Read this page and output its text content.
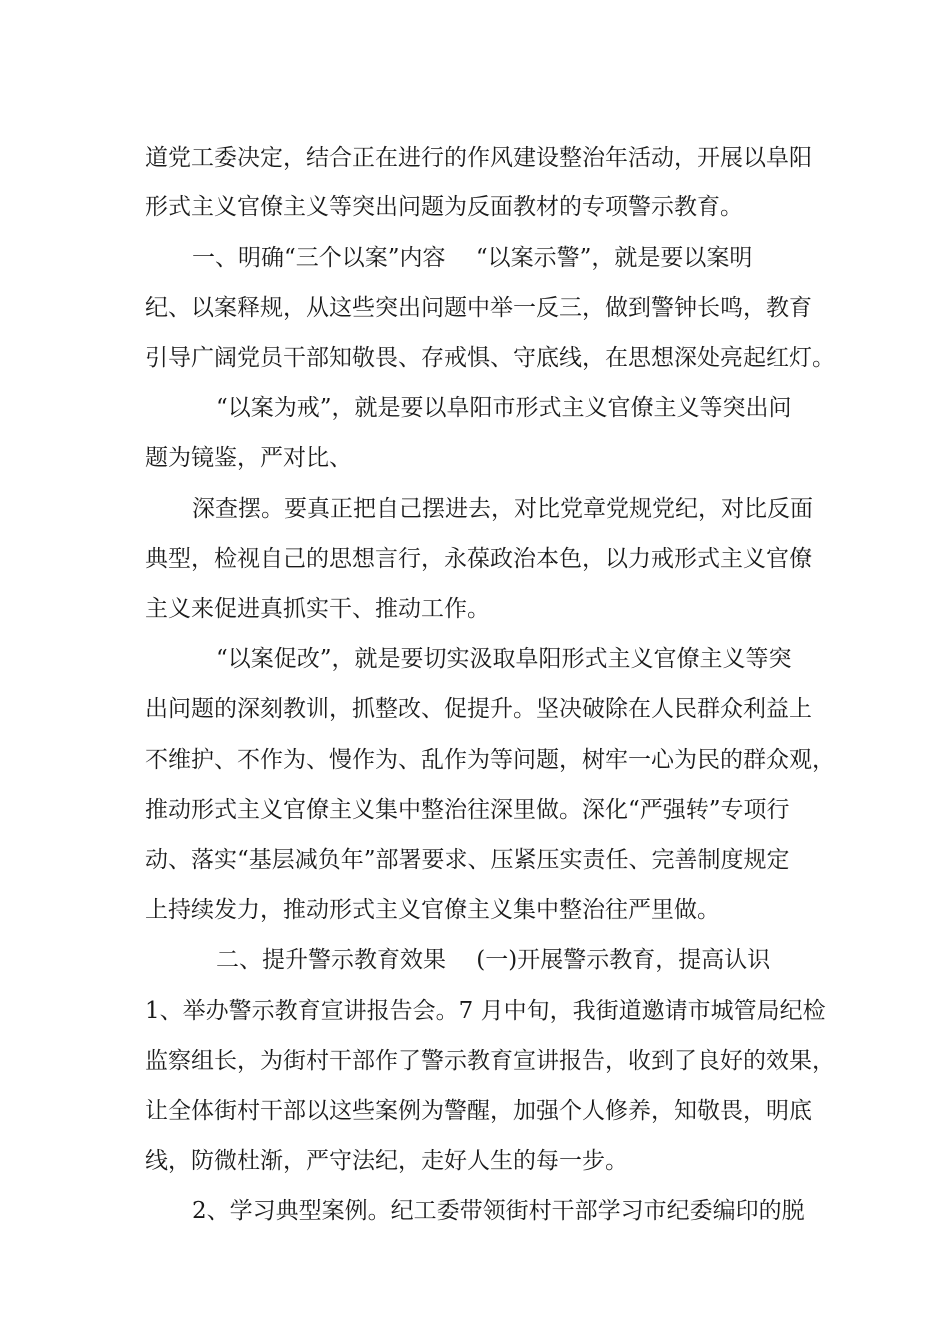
道党工委决定，结合正在进行的作风建设整治年活动，开展以阜阳
形式主义官僚主义等突出问题为反面教材的专项警示教育。
一、明确“三个以案”内容　 “以案示警”，就是要以案明
纪、以案释规，从这些突出问题中举一反三，做到警钟长鸣，教育
引导广阔党员干部知敬畏、存戒惧、守底线，在思想深处亮起红灯。
“以案为戒”，就是要以阜阳市形式主义官僚主义等突出问
题为镜鉴，严对比、
深查摆。要真正把自己摆进去，对比党章党规党纪，对比反面
典型，检视自己的思想言行，永葆政治本色，以力戒形式主义官僚
主义来促进真抓实干、推动工作。
“以案促改”，就是要切实汲取阜阳形式主义官僚主义等突
出问题的深刻教训，抓整改、促提升。坚决破除在人民群众利益上
不维护、不作为、慢作为、乱作为等问题，树牢一心为民的群众观，
推动形式主义官僚主义集中整治往深里做。深化“严强转”专项行
动、落实“基层减负年”部署要求、压紧压实责任、完善制度规定
上持续发力，推动形式主义官僚主义集中整治往严里做。
二、提升警示教育效果　 (一)开展警示教育，提高认识
1、举办警示教育宣讲报告会。7 月中旬，我街道邀请市城管局纪检
监察组长，为街村干部作了警示教育宣讲报告，收到了良好的效果，
让全体街村干部以这些案例为警醒，加强个人修养，知敬畏，明底
线，防微杜渐，严守法纪，走好人生的每一步。
2、学习典型案例。纪工委带领街村干部学习市纪委编印的脱
